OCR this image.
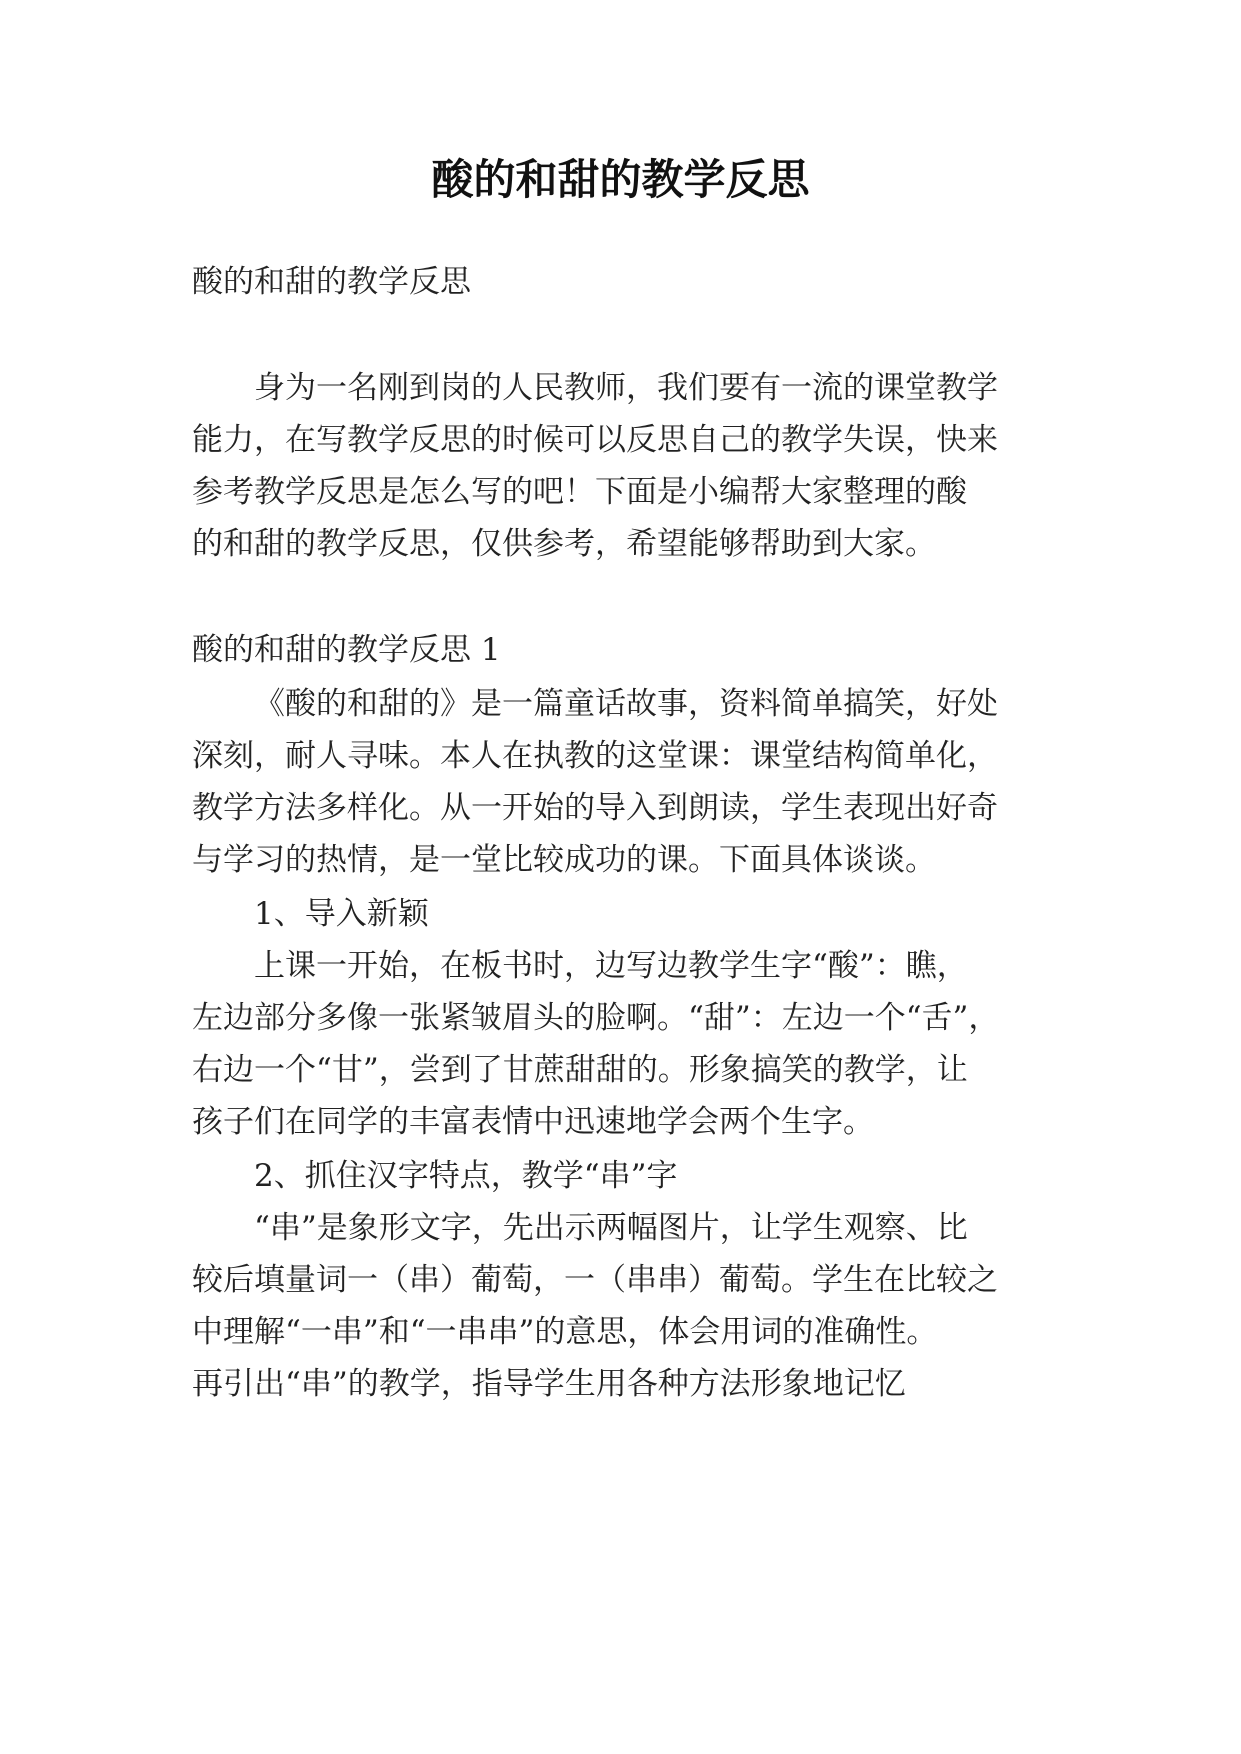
酸的和甜的教学反思

酸的和甜的教学反思

身为一名刚到岗的人民教师，我们要有一流的课堂教学

能力，在写教学反思的时候可以反思自己的教学失误，快来

参考教学反思是怎么写的吧！下面是小编帮大家整理的酸

的和甜的教学反思，仅供参考，希望能够帮助到大家。

酸的和甜的教学反思 1

《酸的和甜的》是一篇童话故事，资料简单搞笑，好处

深刻，耐人寻味。本人在执教的这堂课：课堂结构简单化，

教学方法多样化。从一开始的导入到朗读，学生表现出好奇

与学习的热情，是一堂比较成功的课。下面具体谈谈。

1、导入新颖

上课一开始，在板书时，边写边教学生字“酸”：瞧，

左边部分多像一张紧皱眉头的脸啊。“甜”：左边一个“舌”，

右边一个“甘”，尝到了甘蔗甜甜的。形象搞笑的教学，让

孩子们在同学的丰富表情中迅速地学会两个生字。

2、抓住汉字特点，教学“串”字

“串”是象形文字，先出示两幅图片，让学生观察、比

较后填量词一（串）葡萄，一（串串）葡萄。学生在比较之

中理解“一串”和“一串串”的意思，体会用词的准确性。

再引出“串”的教学，指导学生用各种方法形象地记忆
